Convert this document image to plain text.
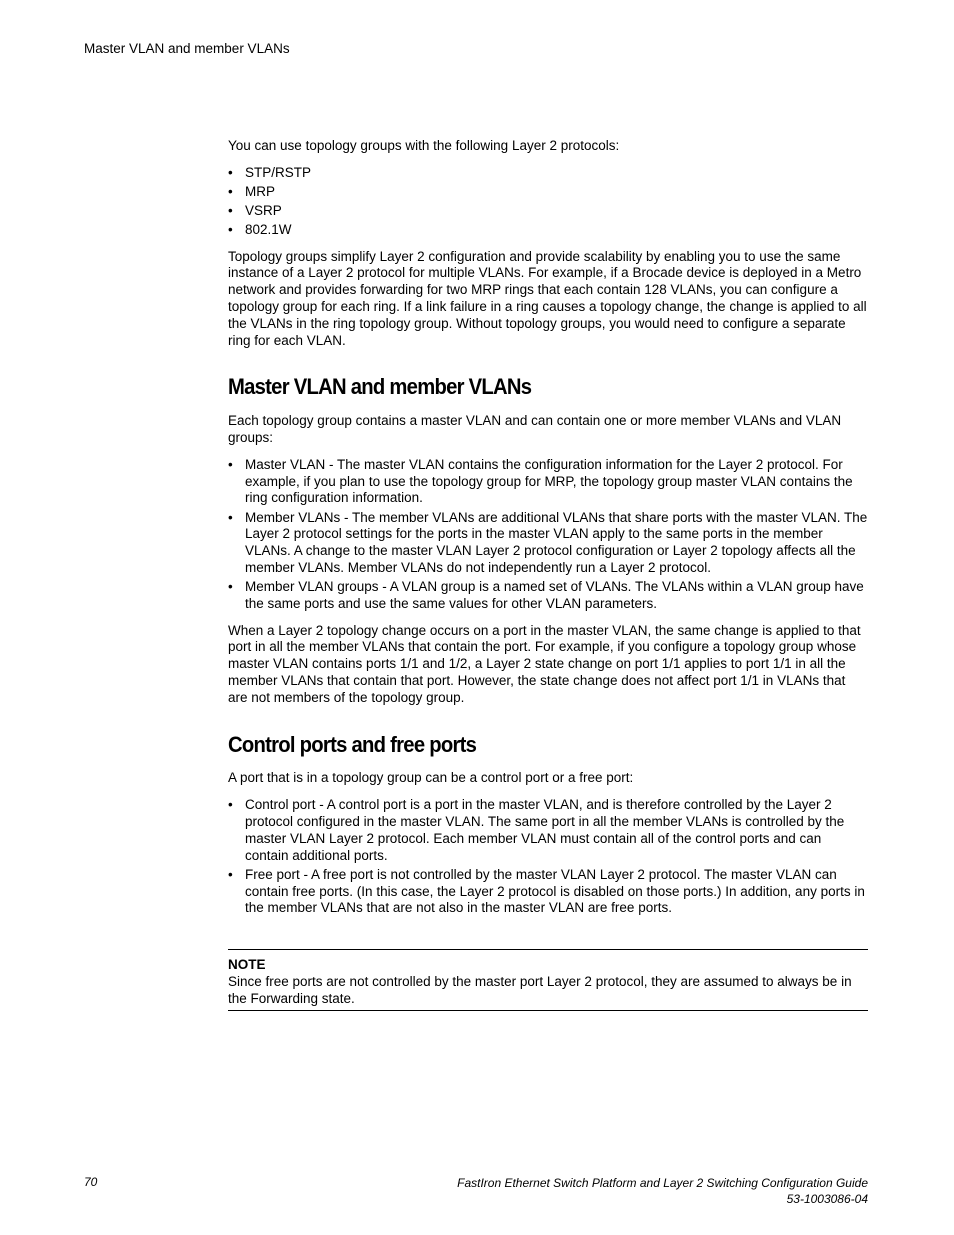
Master VLAN and member VLANs

You can use topology groups with the following Layer 2 protocols:

• STP/RSTP
• MRP
• VSRP
• 802.1W

Topology groups simplify Layer 2 configuration and provide scalability by enabling you to use the same instance of a Layer 2 protocol for multiple VLANs. For example, if a Brocade device is deployed in a Metro network and provides forwarding for two MRP rings that each contain 128 VLANs, you can configure a topology group for each ring. If a link failure in a ring causes a topology change, the change is applied to all the VLANs in the ring topology group. Without topology groups, you would need to configure a separate ring for each VLAN.

Master VLAN and member VLANs

Each topology group contains a master VLAN and can contain one or more member VLANs and VLAN groups:

• Master VLAN - The master VLAN contains the configuration information for the Layer 2 protocol. For example, if you plan to use the topology group for MRP, the topology group master VLAN contains the ring configuration information.
• Member VLANs - The member VLANs are additional VLANs that share ports with the master VLAN. The Layer 2 protocol settings for the ports in the master VLAN apply to the same ports in the member VLANs. A change to the master VLAN Layer 2 protocol configuration or Layer 2 topology affects all the member VLANs. Member VLANs do not independently run a Layer 2 protocol.
• Member VLAN groups - A VLAN group is a named set of VLANs. The VLANs within a VLAN group have the same ports and use the same values for other VLAN parameters.

When a Layer 2 topology change occurs on a port in the master VLAN, the same change is applied to that port in all the member VLANs that contain the port. For example, if you configure a topology group whose master VLAN contains ports 1/1 and 1/2, a Layer 2 state change on port 1/1 applies to port 1/1 in all the member VLANs that contain that port. However, the state change does not affect port 1/1 in VLANs that are not members of the topology group.

Control ports and free ports

A port that is in a topology group can be a control port or a free port:

• Control port - A control port is a port in the master VLAN, and is therefore controlled by the Layer 2 protocol configured in the master VLAN. The same port in all the member VLANs is controlled by the master VLAN Layer 2 protocol. Each member VLAN must contain all of the control ports and can contain additional ports.
• Free port - A free port is not controlled by the master VLAN Layer 2 protocol. The master VLAN can contain free ports. (In this case, the Layer 2 protocol is disabled on those ports.) In addition, any ports in the member VLANs that are not also in the master VLAN are free ports.
NOTE

Since free ports are not controlled by the master port Layer 2 protocol, they are assumed to always be in the Forwarding state.

70	FastIron Ethernet Switch Platform and Layer 2 Switching Configuration Guide
53-1003086-04
